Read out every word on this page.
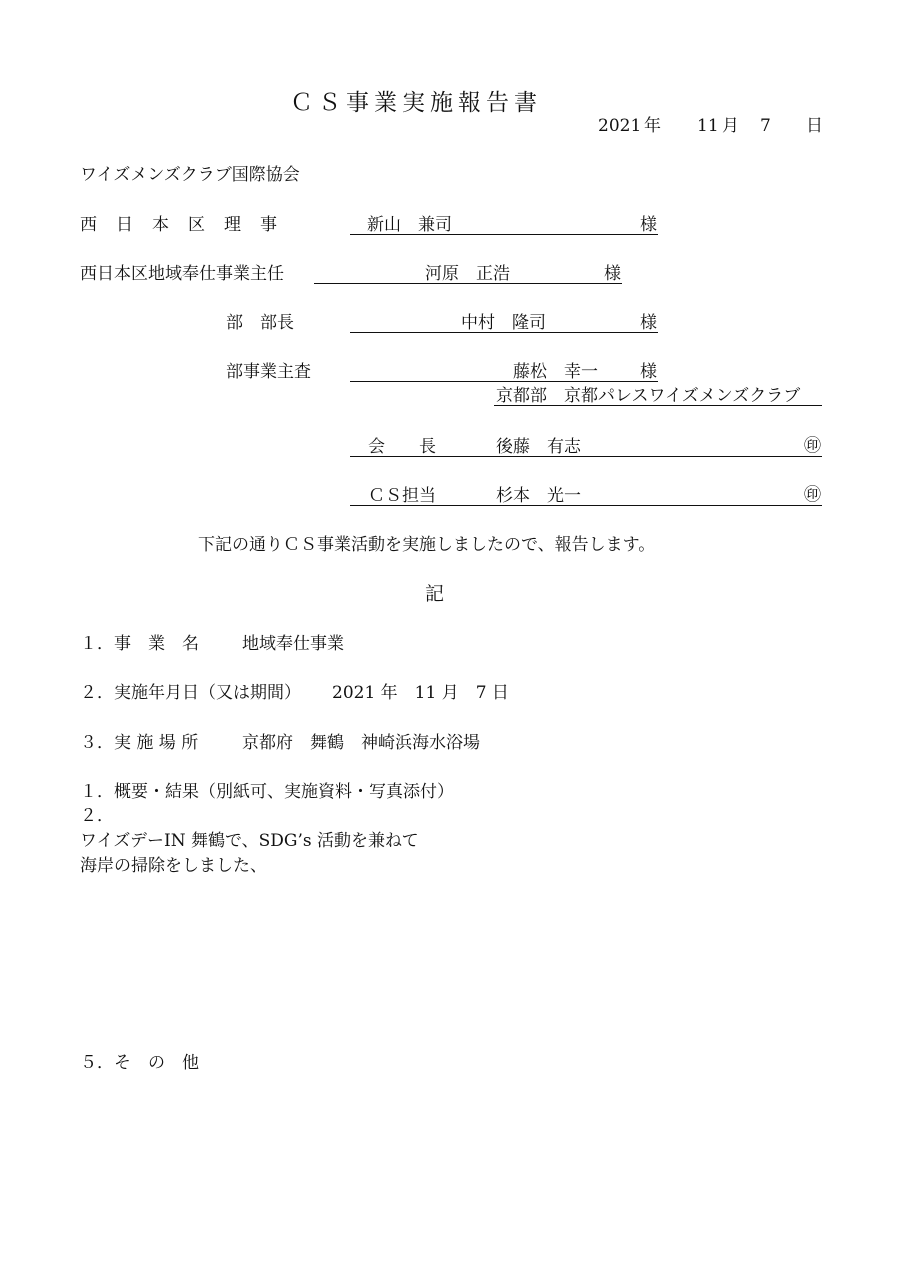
ＣＳ事業実施報告書
2021 年 11 月 7 日
ワイズメンズクラブ国際協会
西　日　本　区　理　事	新山　兼司	様
西日本区地域奉仕事業主任	河原　正浩	様
部　部長	中村　隆司	様
部事業主査	藤松　幸一 様
京都部　京都パレスワイズメンズクラブ
会　　長	後藤　有志	㊞
ＣＳ担当	杉本　光一	㊞
下記の通りＣＳ事業活動を実施しましたので、報告します。
記
１．事　業　名	地域奉仕事業
２．実施年月日（又は期間） 2021 年　11 月　7 日
３．実 施 場 所	京都府　舞鶴　神崎浜海水浴場
１．概要・結果（別紙可、実施資料・写真添付）
２．
ワイズデーIN 舞鶴で、SDG’s 活動を兼ねて
海岸の掃除をしました、
５．そ　の　他
